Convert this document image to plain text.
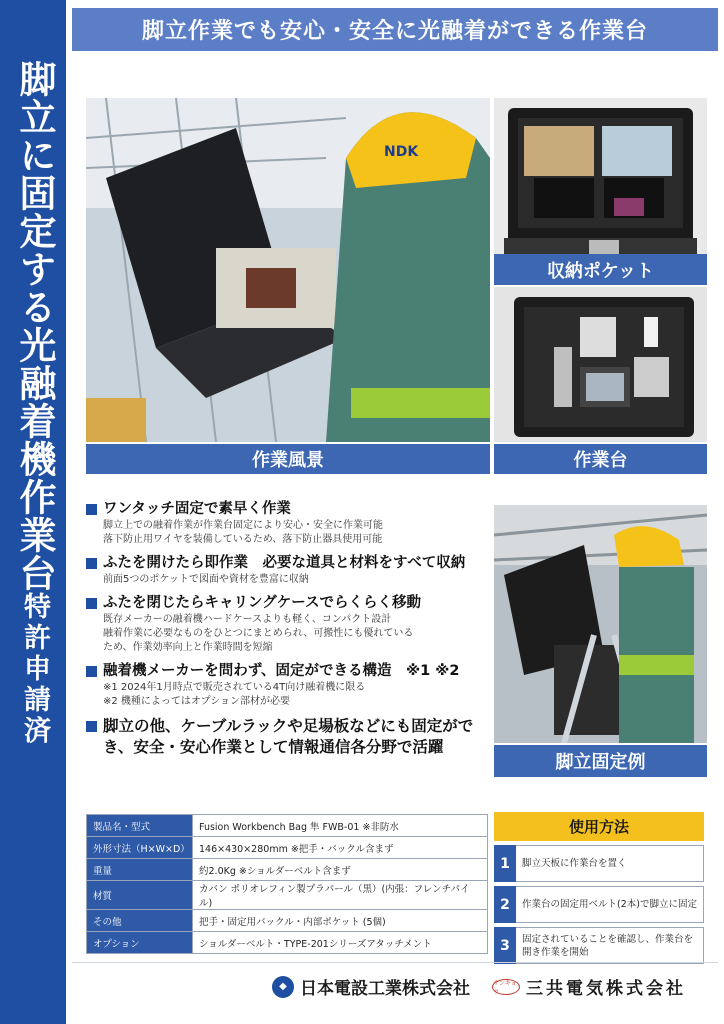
脚立に固定する光融着機作業台
特許申請済
脚立作業でも安心・安全に光融着ができる作業台
NDK
作業風景
収納ポケット
作業台
脚立固定例
ワンタッチ固定で素早く作業

脚立上での融着作業が作業台固定により安心・安全に作業可能

落下防止用ワイヤを装備しているため、落下防止器具使用可能

ふたを開けたら即作業　必要な道具と材料をすべて収納

前面5つのポケットで図面や資材を豊富に収納

ふたを閉じたらキャリングケースでらくらく移動

既存メーカーの融着機ハードケースよりも軽く、コンパクト設計

融着作業に必要なものをひとつにまとめられ、可搬性にも優れている

ため、作業効率向上と作業時間を短縮

融着機メーカーを問わず、固定ができる構造　※1 ※2

※1 2024年1月時点で販売されている4T向け融着機に限る

※2 機種によってはオプション部材が必要

脚立の他、ケーブルラックや足場板などにも固定ができ、安全・安心作業として情報通信各分野で活躍
製品名・型式	Fusion Workbench Bag 隼 FWB-01 ※非防水
外形寸法（H×W×D）	146×430×280mm ※把手・バックル含まず
重量	約2.0Kg ※ショルダーベルト含まず
材質	カバン ポリオレフィン製プラパール（黒）(内張：フレンチパイル)
その他	把手・固定用バックル・内部ポケット (5個)
オプション	ショルダーベルト・TYPE-201シリーズアタッチメント
使用方法
1	脚立天板に作業台を置く
2	作業台の固定用ベルト(2本)で脚立に固定
3	固定されていることを確認し、作業台を開き作業を開始
◆ 日本電設工業株式会社	サンキョウ	三共電気株式会社
